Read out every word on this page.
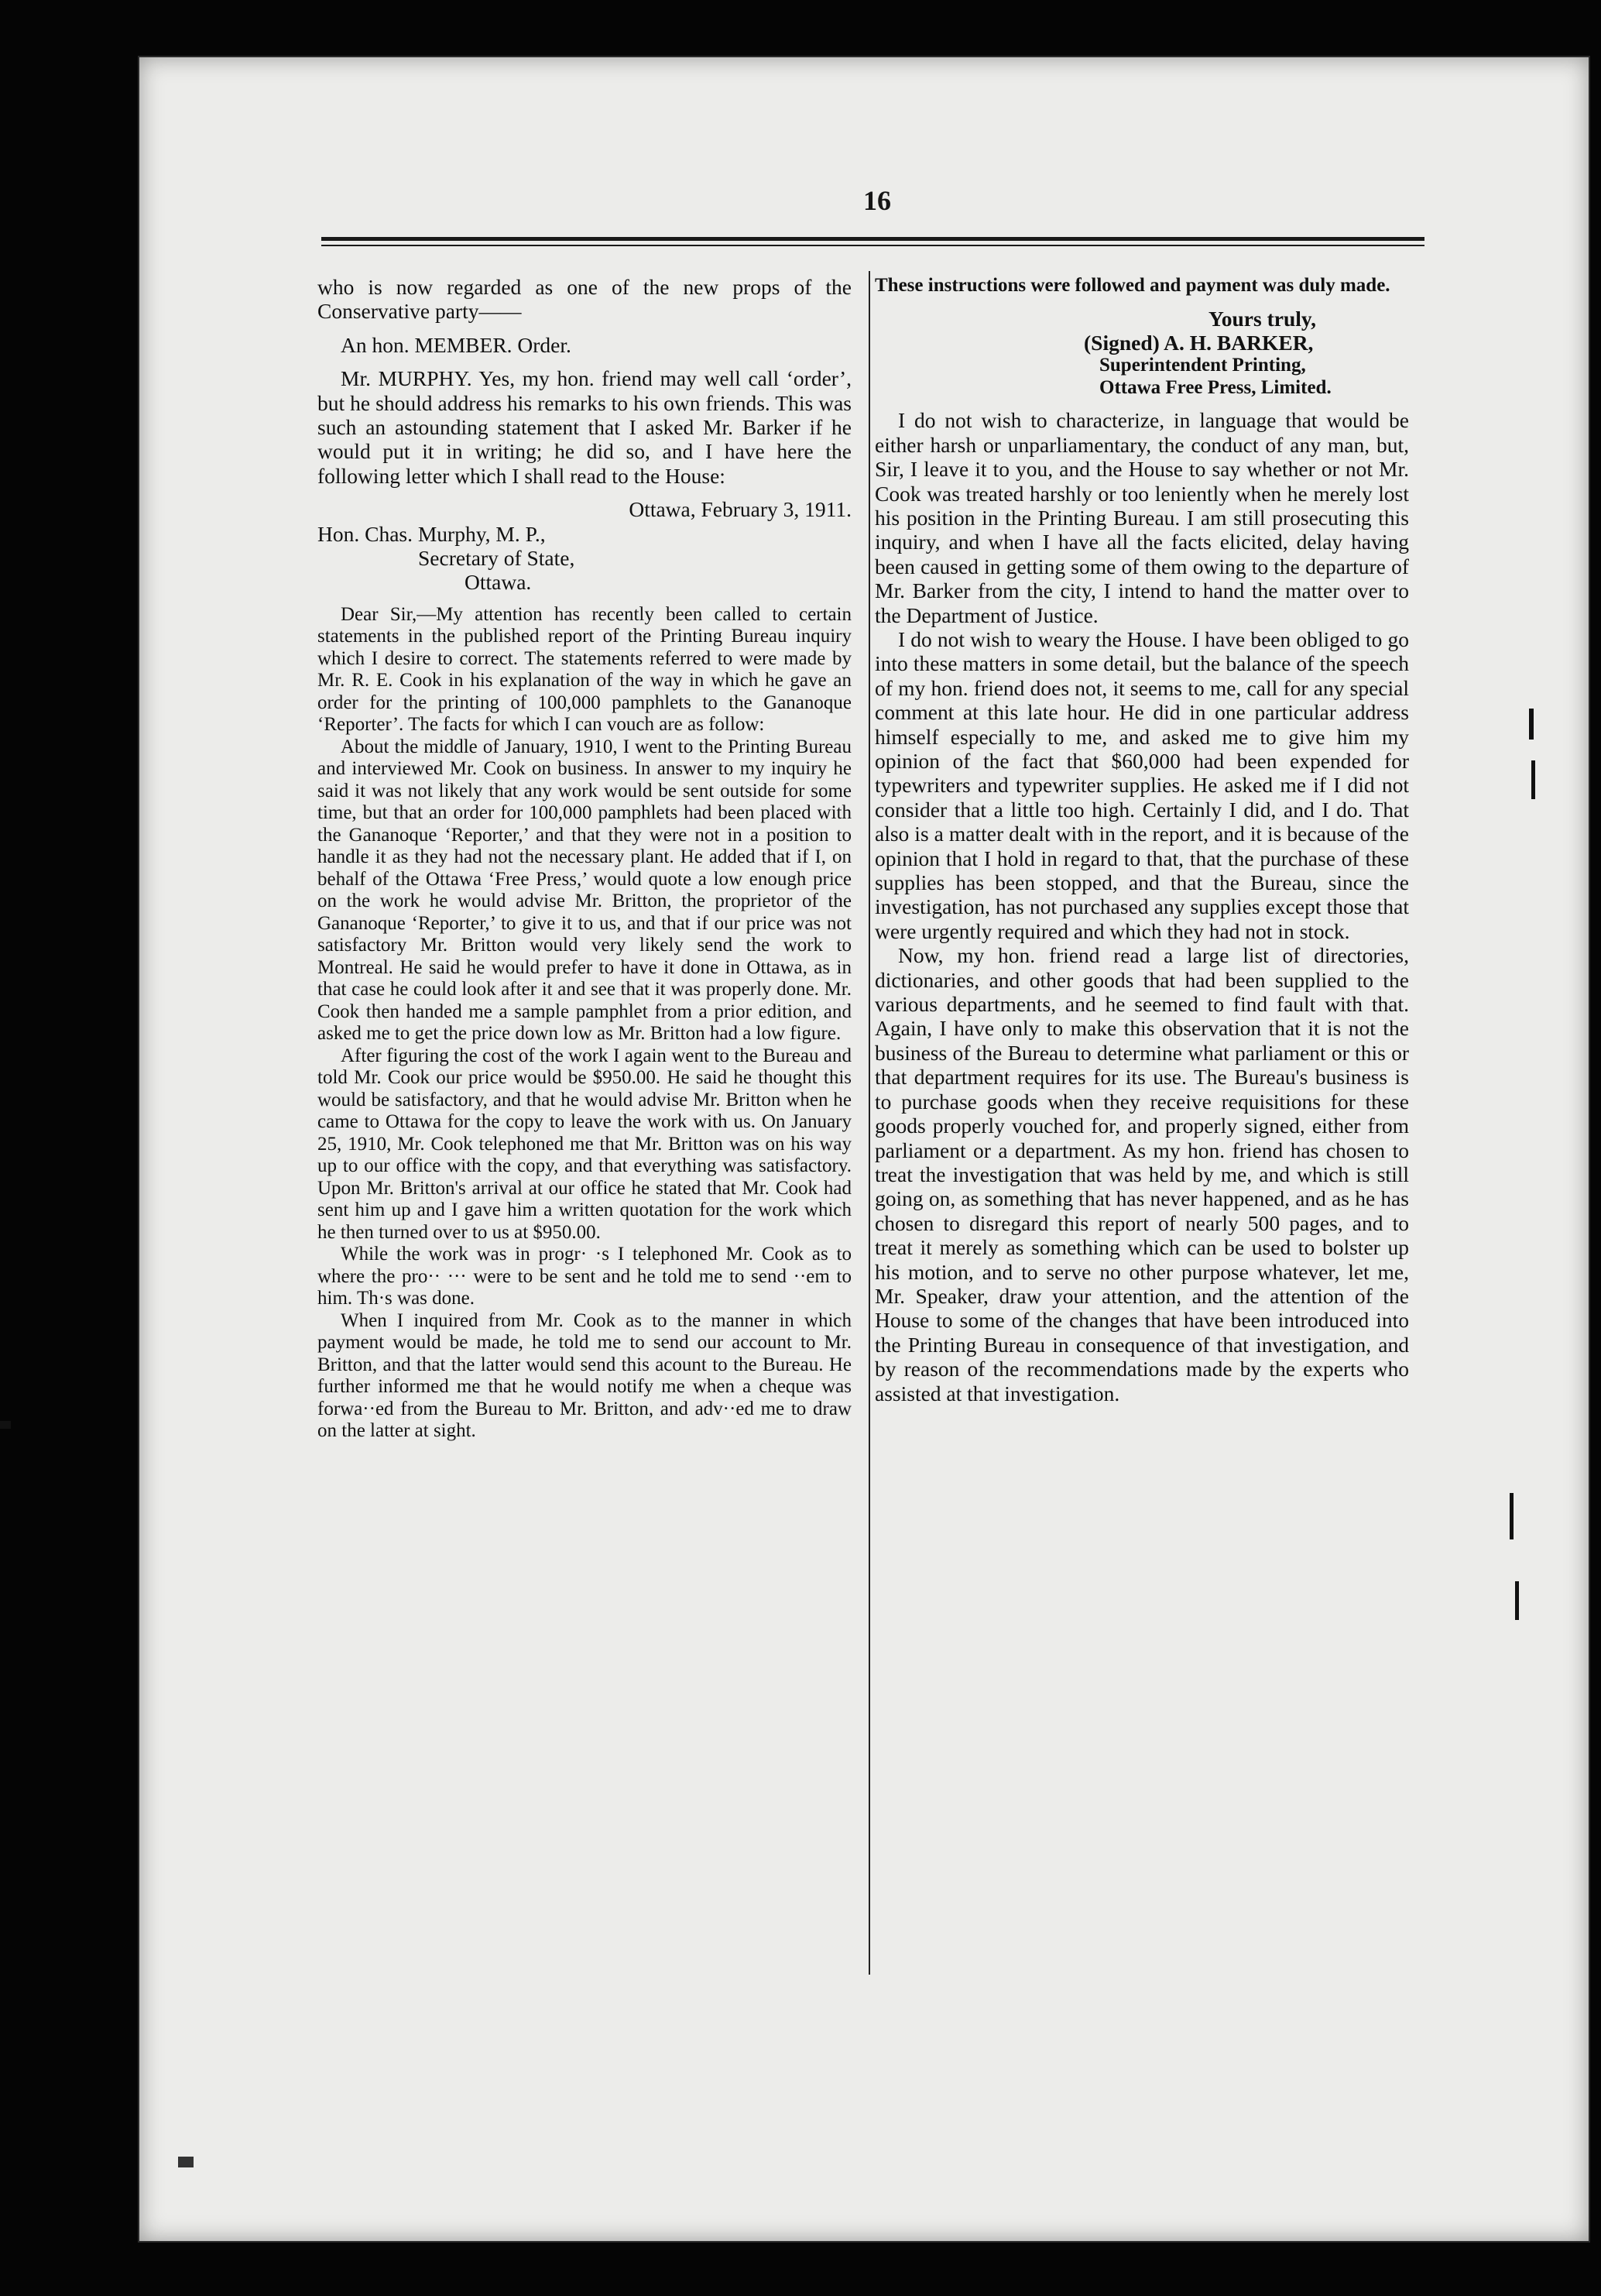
16

who is now regarded as one of the new props of the Conservative party——

An hon. MEMBER. Order.

Mr. MURPHY. Yes, my hon. friend may well call ‘order’, but he should address his remarks to his own friends. This was such an astounding statement that I asked Mr. Barker if he would put it in writing; he did so, and I have here the following letter which I shall read to the House:

Ottawa, February 3, 1911.

Hon. Chas. Murphy, M. P.,

Secretary of State,

Ottawa.

Dear Sir,—My attention has recently been called to certain statements in the published report of the Printing Bureau inquiry which I desire to correct. The statements referred to were made by Mr. R. E. Cook in his explanation of the way in which he gave an order for the printing of 100,000 pamphlets to the Gananoque ‘Reporter’. The facts for which I can vouch are as follow:

About the middle of January, 1910, I went to the Printing Bureau and interviewed Mr. Cook on business. In answer to my inquiry he said it was not likely that any work would be sent outside for some time, but that an order for 100,000 pamphlets had been placed with the Gananoque ‘Reporter,’ and that they were not in a position to handle it as they had not the necessary plant. He added that if I, on behalf of the Ottawa ‘Free Press,’ would quote a low enough price on the work he would advise Mr. Britton, the proprietor of the Gananoque ‘Reporter,’ to give it to us, and that if our price was not satisfactory Mr. Britton would very likely send the work to Montreal. He said he would prefer to have it done in Ottawa, as in that case he could look after it and see that it was properly done. Mr. Cook then handed me a sample pamphlet from a prior edition, and asked me to get the price down low as Mr. Britton had a low figure.

After figuring the cost of the work I again went to the Bureau and told Mr. Cook our price would be $950.00. He said he thought this would be satisfactory, and that he would advise Mr. Britton when he came to Ottawa for the copy to leave the work with us. On January 25, 1910, Mr. Cook telephoned me that Mr. Britton was on his way up to our office with the copy, and that everything was satisfactory. Upon Mr. Britton's arrival at our office he stated that Mr. Cook had sent him up and I gave him a written quotation for the work which he then turned over to us at $950.00.

While the work was in progr· ·s I telephoned Mr. Cook as to where the pro·· ··· were to be sent and he told me to send ··em to him. Th·s was done.

When I inquired from Mr. Cook as to the manner in which payment would be made, he told me to send our account to Mr. Britton, and that the latter would send this acount to the Bureau. He further informed me that he would notify me when a cheque was forwa··ed from the Bureau to Mr. Britton, and adv··ed me to draw on the latter at sight.

These instructions were followed and payment was duly made.

Yours truly,

(Signed) A. H. BARKER,

Superintendent Printing,

Ottawa Free Press, Limited.

I do not wish to characterize, in language that would be either harsh or unparliamentary, the conduct of any man, but, Sir, I leave it to you, and the House to say whether or not Mr. Cook was treated harshly or too leniently when he merely lost his position in the Printing Bureau. I am still prosecuting this inquiry, and when I have all the facts elicited, delay having been caused in getting some of them owing to the departure of Mr. Barker from the city, I intend to hand the matter over to the Department of Justice.

I do not wish to weary the House. I have been obliged to go into these matters in some detail, but the balance of the speech of my hon. friend does not, it seems to me, call for any special comment at this late hour. He did in one particular address himself especially to me, and asked me to give him my opinion of the fact that $60,000 had been expended for typewriters and typewriter supplies. He asked me if I did not consider that a little too high. Certainly I did, and I do. That also is a matter dealt with in the report, and it is because of the opinion that I hold in regard to that, that the purchase of these supplies has been stopped, and that the Bureau, since the investigation, has not purchased any supplies except those that were urgently required and which they had not in stock.

Now, my hon. friend read a large list of directories, dictionaries, and other goods that had been supplied to the various departments, and he seemed to find fault with that. Again, I have only to make this observation that it is not the business of the Bureau to determine what parliament or this or that department requires for its use. The Bureau's business is to purchase goods when they receive requisitions for these goods properly vouched for, and properly signed, either from parliament or a department. As my hon. friend has chosen to treat the investigation that was held by me, and which is still going on, as something that has never happened, and as he has chosen to disregard this report of nearly 500 pages, and to treat it merely as something which can be used to bolster up his motion, and to serve no other purpose whatever, let me, Mr. Speaker, draw your attention, and the attention of the House to some of the changes that have been introduced into the Printing Bureau in consequence of that investigation, and by reason of the recommendations made by the experts who assisted at that investigation.
